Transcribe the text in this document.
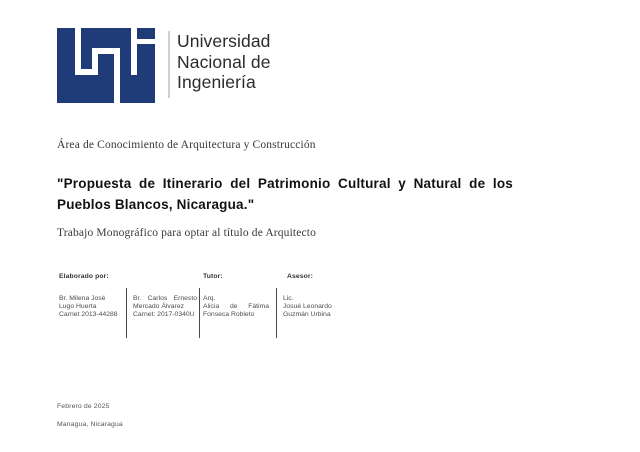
Universidad
Nacional de
Ingeniería
Área de Conocimiento de Arquitectura y Construcción
"Propuesta de Itinerario del Patrimonio Cultural y Natural de los
Pueblos Blancos, Nicaragua."
Trabajo Monográfico para optar al título de Arquitecto
Elaborado por:	Tutor:	Asesor:
Br. Milena José
Lugo Huerta
Carnet 2013-44288
Br. Carlos Ernesto
Mercado Álvarez
Carnet: 2017-0340U
Arq.
Alicia de Fátima
Fonseca Robleto
Lic.
Josué Leonardo
Guzmán Urbina
Febrero de 2025
Managua, Nicaragua
